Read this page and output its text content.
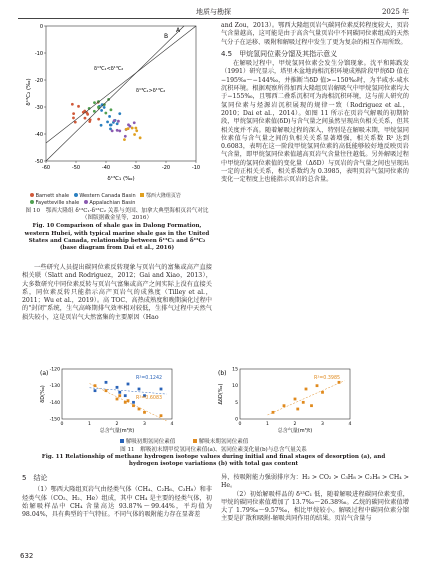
地质与勘探	2025 年
A
B
δ¹³C₁<δ¹³C₂
δ¹³C₁>δ¹³C₂
-60	-50	-40	-30	-20	-10
0
-10
-20
-30
-40
-50
δ¹³C₁ (‰)
δ¹³C₂ (‰)
Barnett shale Western Canada Basin 鄂西大隆组页岩
Fayetteville shale Appalachian Basin
图 10　鄂西大隆组 δ¹³C₁-δ¹³C₂ 关系与美国、加拿大典型海相页岩气对比（图版据戴金星等，2016）
Fig. 10 Comparison of shale gas in Dalong Formation, western Hubei, with typical marine shale gas in the United States and Canada, relationship between δ¹³C₁ and δ¹³C₂ (base diagram from Dai et al., 2016)

一些研究人员提出碳同位素反转现象与页岩气的富集或高产直接相关联（Slatt and Rodriguez，2012；Gai and Xiao，2013），大多数研究中同位素反转与页岩气富集或高产之间实际上没有直接关系，同位素反转只能指示高产页岩气的成熟度（Tilley et al.，2011；Wu et al.，2019）。高 TOC、高热成熟度和晚期演化过程中的"封闭"系统，生气高峰期排气效率相对较低，生排气过程中天然气损失较小，这是页岩气大然富集的主要原因（Hao

and Zou，2013）。鄂西大隆组页岩气碳同位素反转程度较大，页岩气含量越高，这可能是由于高含气量页岩中不同碳同位素组成的天然气分子在运移、吸附和解吸过程中发生了更为复杂的相互作用所致。

4.5　甲烷氢同位素分馏及其指示意义

在解吸过程中，甲烷氢同位素会发生分馏现象。沈平和陈践发（1991）研究显示，塔里木盆地海相沉积环境成熟阶段甲烷δD 值在−195‰～−144‰，并推断当δD 值>−150‰时，为半咸水-咸水沉积环境。根据观察所得加西大隆组页岩解吸气中甲烷氢同位素均大于−155‰，且鄂西二叠系沉积可为海相沉积环境，这与前人研究的氢同位素与烃源岩沉积展现的规律一致（Rodriguez et al.，2010；Dai et al.，2014）。如图 11 所示在页岩气解吸的初期阶段，甲烷氢同位素值(δD)与含气量之间虽然呈现出负相关关系，但其相关度并不高。随着解吸过程的深入，特别是在解吸末期，甲烷氢同位素值与含气量之间的负相关关系显著增强，相关系数 R² 达到 0.6083，表明在这一阶段甲烷氢同位素的高低能够较好地反映页岩气含量，即甲烷氢同位素值越高页岩气含量往往越低。另外解吸过程中甲烷的氢同位素值的变化量（ΔδD）与页岩的含气量之间也呈现出一定的正相关关系，相关系数约为 0.3985，表明页岩气氢同位素的变化一定程度上也能指示页岩的总含量。

(a)
0	1	2	3	4
-120
-130
-140
-150
总含气量(m³/t)
δD(‰)
R²=0.1242
R²=0.6083
(b)
0	1	2	3	4
15
10
5
0
总含气量(m³/t)
ΔδD(‰)
R²=0.3985
解吸初期氢同位素值	解吸末期氢同位素值
图 11　解吸初末期甲烷氢同位素值(a)、氢同位素变化量(b)与总含气量关系
Fig. 11 Relationship of methane hydrogen isotope values during initial and final stages of desorption (a), and hydrogen isotope variations (b) with total gas content
5　结论

（1）鄂西大隆组页岩气由烃类气体（CH₄、C₂H₆、C₃H₈）和非烃类气体（CO₂、H₂、He）组成，其中 CH₄ 是主要的烃类气体，初始解吸样品中 CH₄ 含量高达 93.87%～99.44%，平均值为 98.04%，具有典型的干气特征。不同气体的吸附能力存在显著差

异，按吸附能力强弱排序为：H₂ > CO₂ > C₃H₈ > C₂H₆ > CH₄ > He。

（2）初始解吸样品的 δ¹³C₁ 低，随着解吸进程碳同位素变重，甲烷的碳同位素值增加了 13.7‰～26.38‰。乙烷的碳同位素值增大了 1.79‰～9.57‰，相比甲烷较小。解吸过程中碳同位素分馏主要是扩散和吸附-解吸共同作用的结果。页岩气含量与

632
